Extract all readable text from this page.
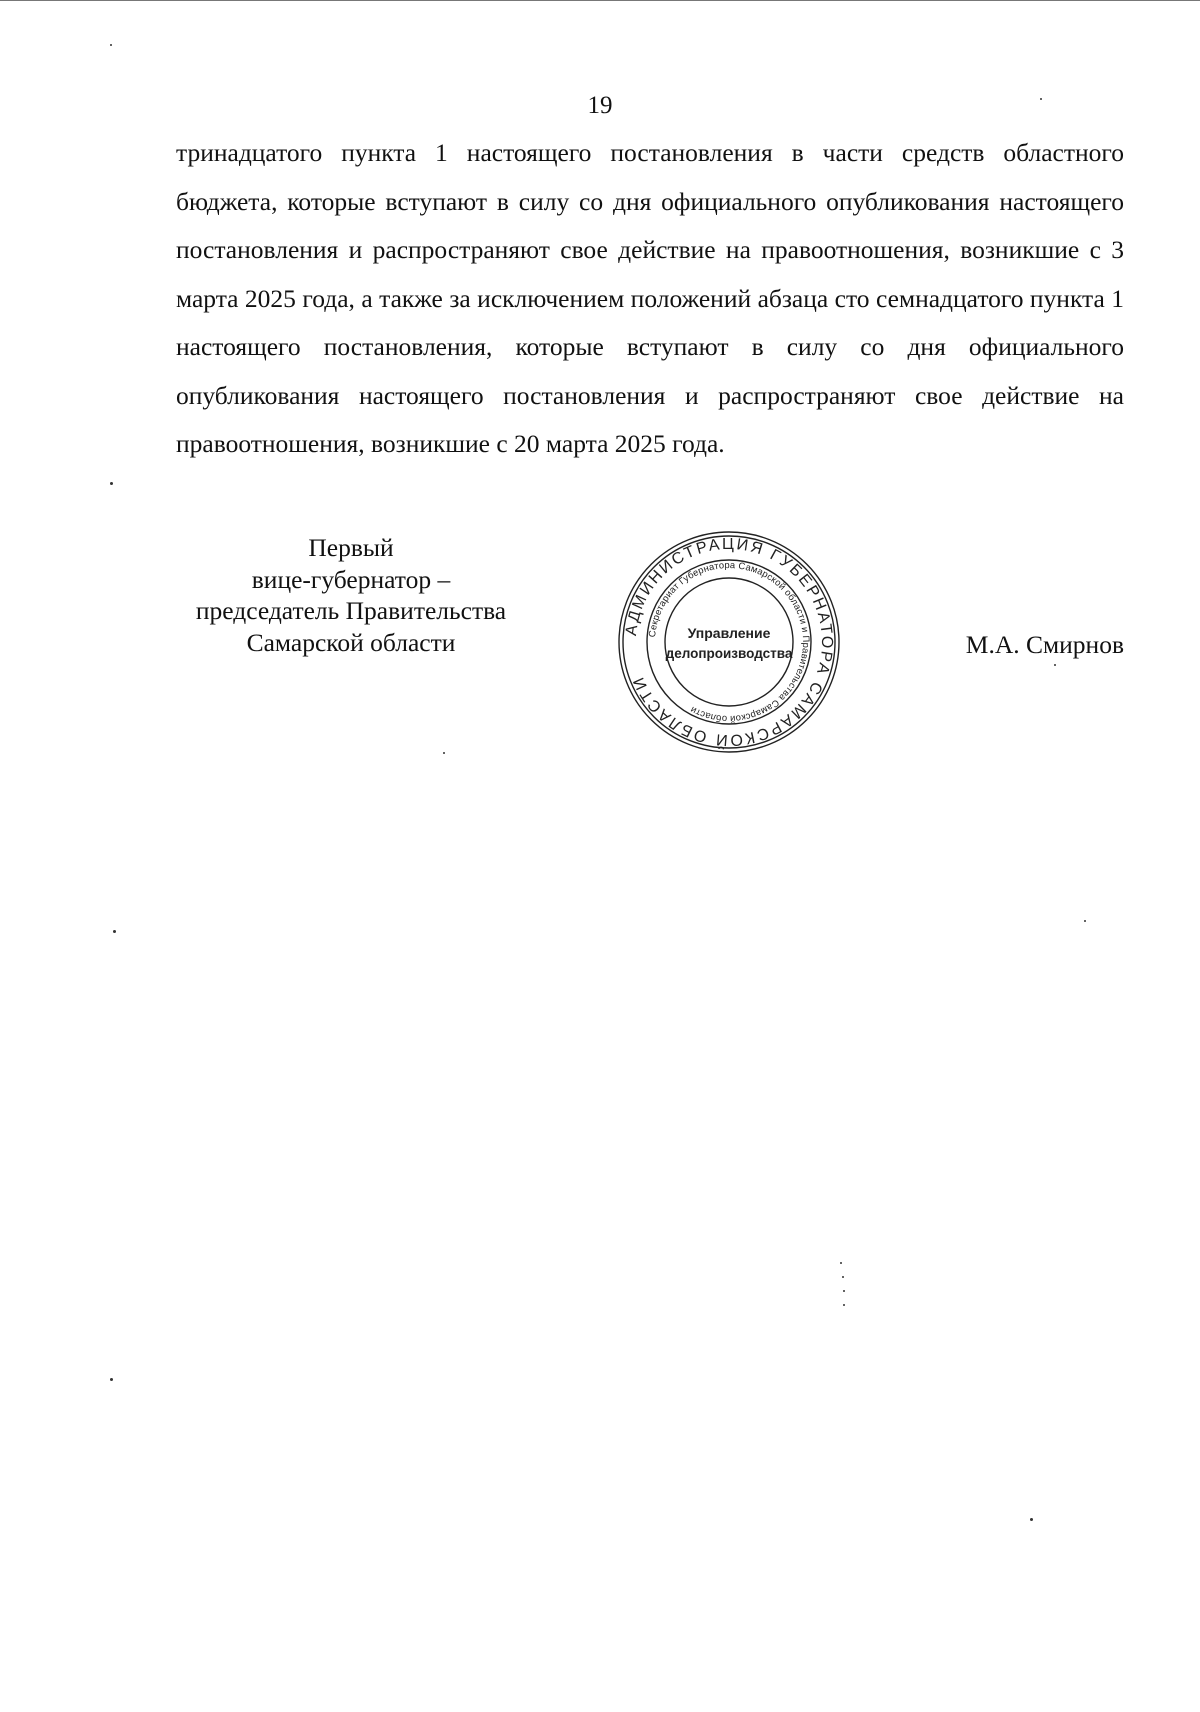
19

тринадцатого пункта 1 настоящего постановления в части средств областного бюджета, которые вступают в силу со дня официального опубликования настоящего постановления и распространяют свое действие на правоотношения, возникшие с 3 марта 2025 года, а также за исключением положений абзаца сто семнадцатого пункта 1 настоящего постановления, которые вступают в силу со дня официального опубликования настоящего постановления и распространяют свое действие на правоотношения, возникшие с 20 марта 2025 года.

Первый
вице-губернатор –
председатель Правительства
Самарской области	АДМИНИСТРАЦИЯ ГУБЕРНАТОРА САМАРСКОЙ ОБЛАСТИ
Секретариат Губернатора Самарской области и Правительства Самарской области
Управление
делопроизводства	М.А. Смирнов
